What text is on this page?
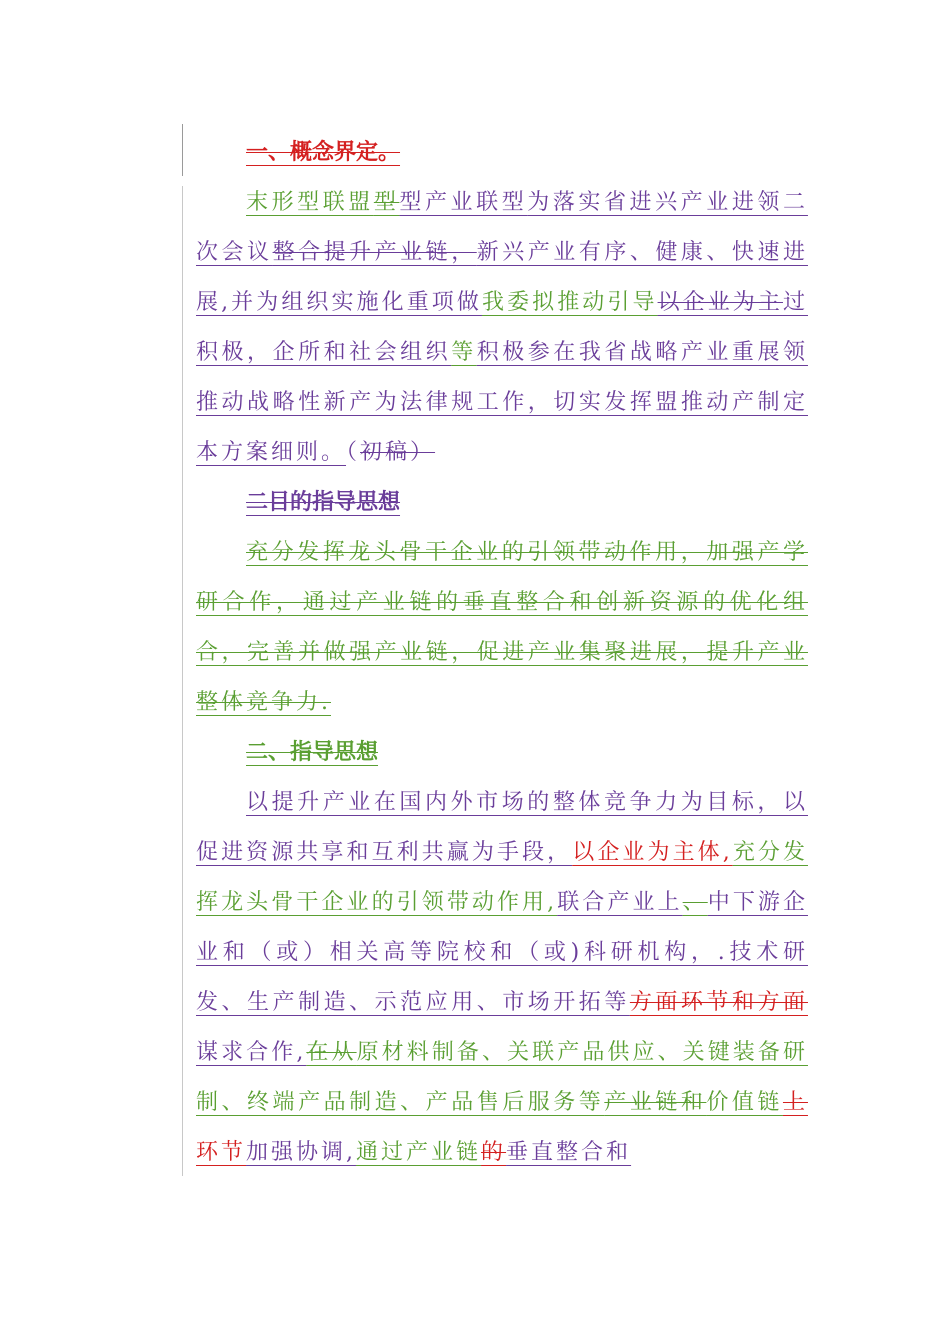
一、概念界定。
末形型联盟型型产业联型为落实省进兴产业进领二次会议整合提升产业链，新兴产业有序、健康、快速进展,并为组织实施化重项做我委拟推动引导以企业为主过积极，企所和社会组织等积极参在我省战略产业重展领推动战略性新产为法律规工作，切实发挥盟推动产制定本方案细则。（初稿）
二目的指导思想
充分发挥龙头骨干企业的引领带动作用，加强产学研合作，通过产业链的垂直整合和创新资源的优化组合，完善并做强产业链，促进产业集聚进展，提升产业整体竞争力.
二、指导思想
以提升产业在国内外市场的整体竞争力为目标，以促进资源共享和互利共赢为手段，以企业为主体,充分发挥龙头骨干企业的引领带动作用,联合产业上、中下游企业和（或）相关高等院校和（或)科研机构，.技术研发、生产制造、示范应用、市场开拓等方面环节和方面谋求合作,在从原材料制备、关联产品供应、关键装备研制、终端产品制造、产品售后服务等产业链和价值链上环节加强协调,通过产业链的垂直整合和
